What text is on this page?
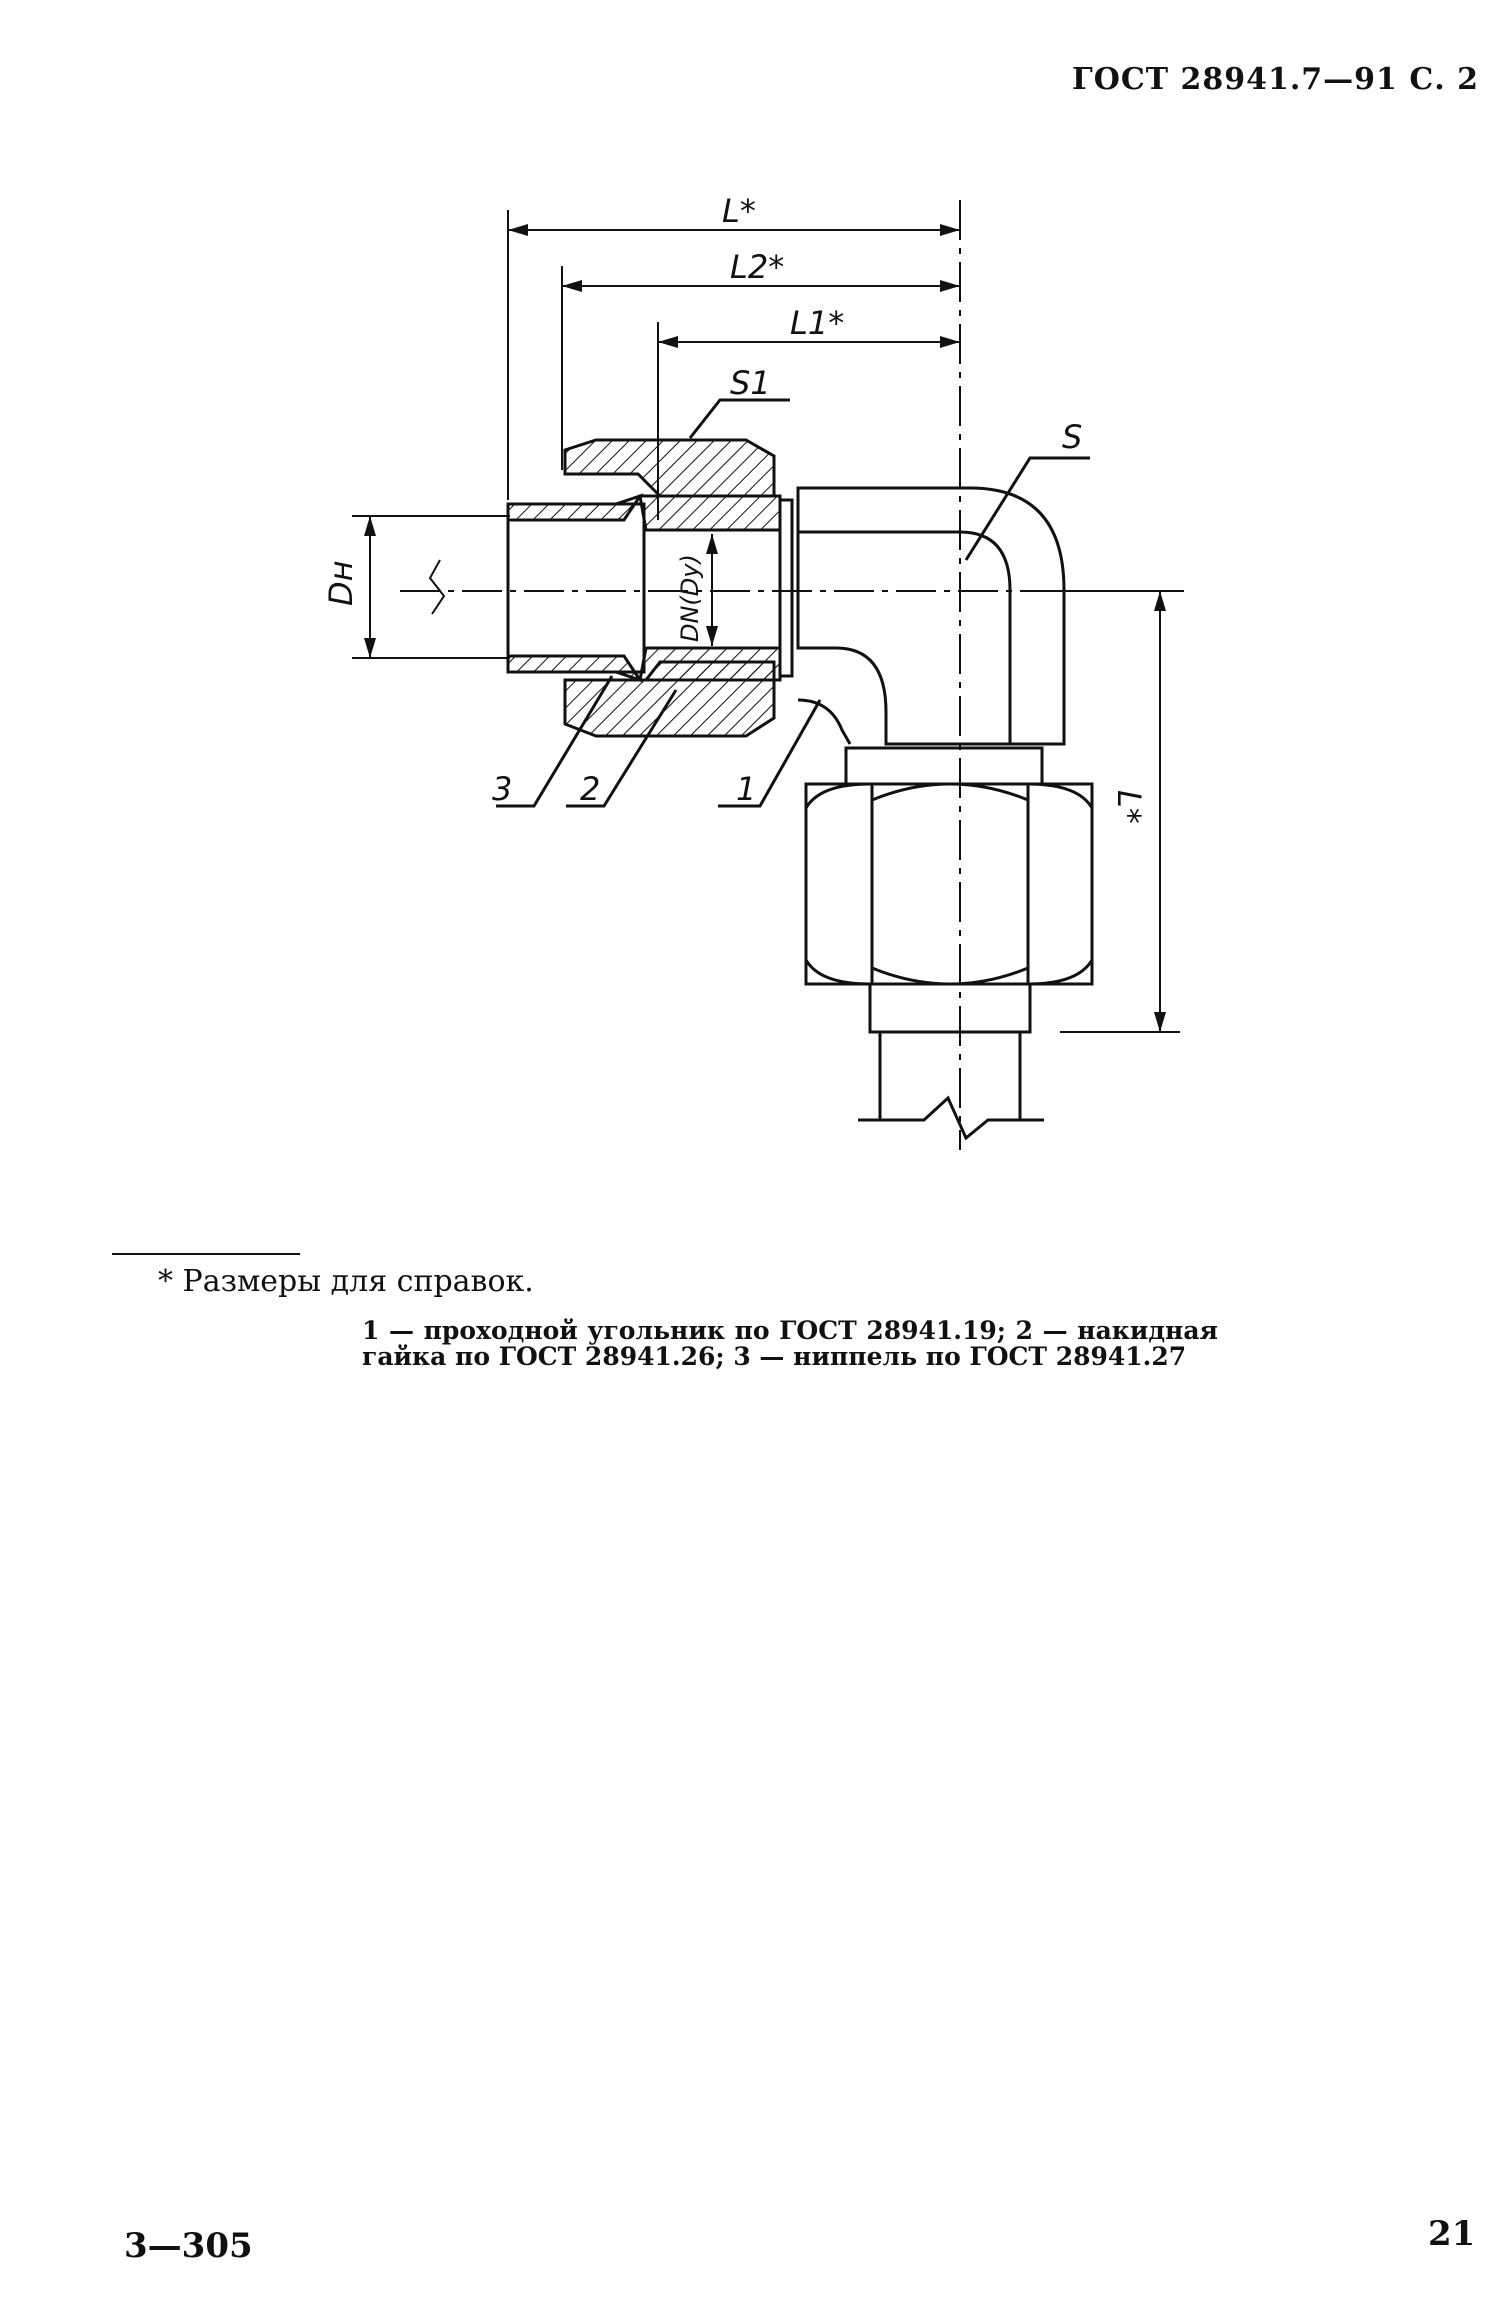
ГОСТ 28941.7—91 С. 2
L*
L2*
L1*
S1
S
Dн	DN(Dу)
L*
1
2
3
* Размеры для справок.
1 — проходной угольник по ГОСТ 28941.19; 2 — накидная гайка по ГОСТ 28941.26; 3 — ниппель по ГОСТ 28941.27
3—305	21
